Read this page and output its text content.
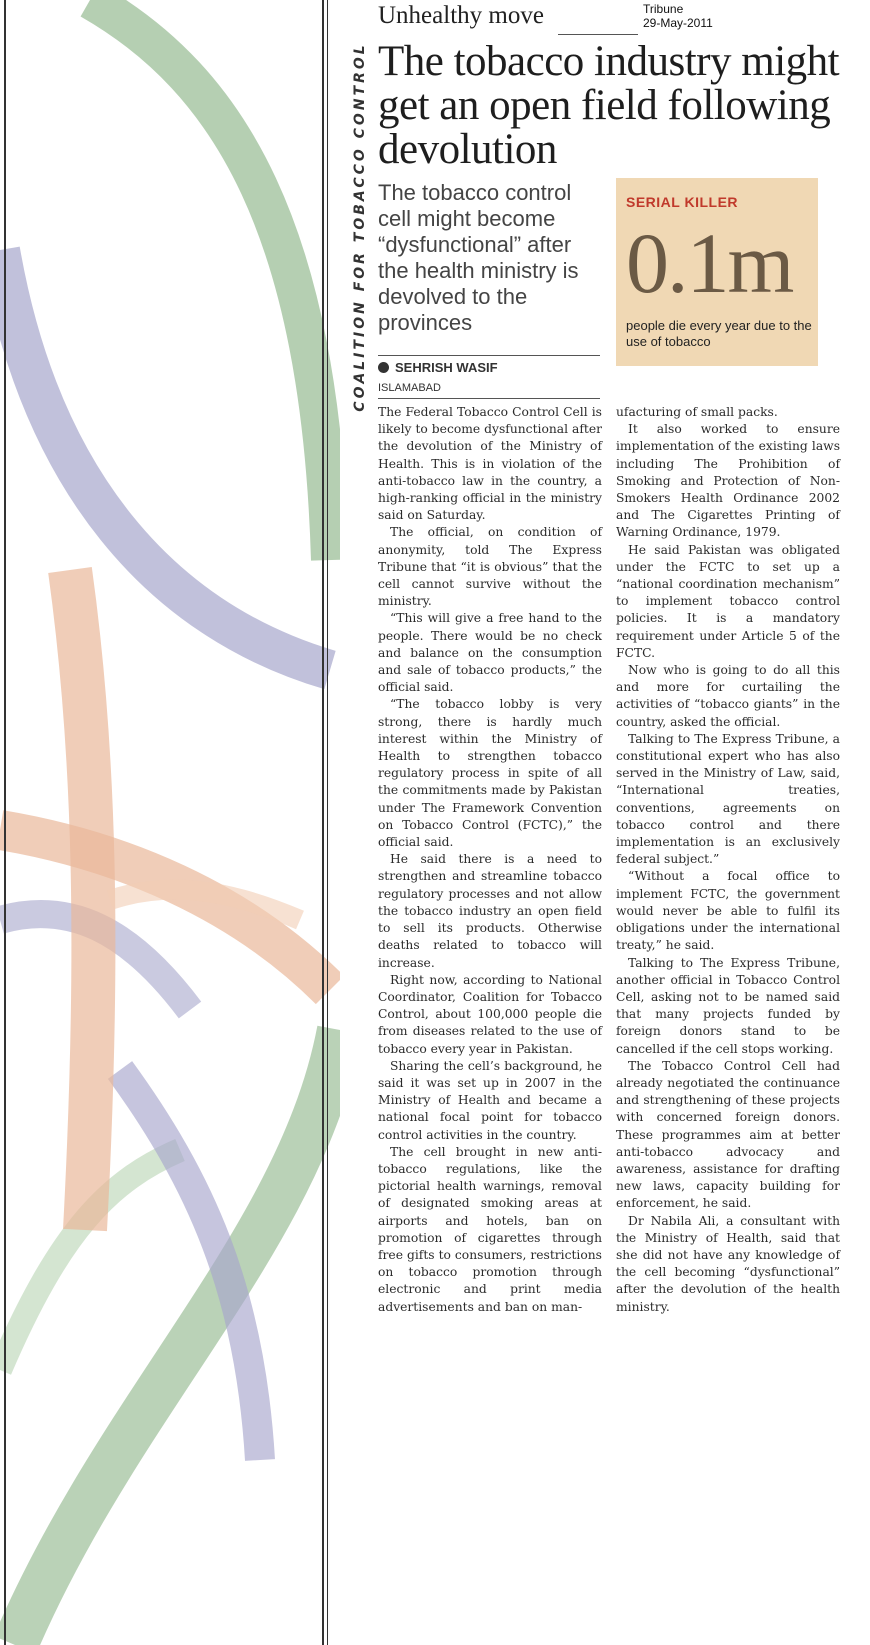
COALITION FOR TOBACCO CONTROL
Tribune
29-May-2011
Unhealthy move
The tobacco industry might get an open field following devolution
The tobacco control cell might become “dysfunctional” after the health ministry is devolved to the provinces
SERIAL KILLER
0.1m
people die every year due to the use of tobacco
SEHRISH WASIF
ISLAMABAD

The Federal Tobacco Control Cell is likely to become dysfunctional after the devolution of the Ministry of Health. This is in violation of the anti-tobacco law in the country, a high-ranking official in the ministry said on Saturday.

The official, on condition of anonymity, told The Express Tribune that “it is obvious” that the cell cannot survive without the ministry.

“This will give a free hand to the people. There would be no check and balance on the consumption and sale of tobacco products,” the official said.

“The tobacco lobby is very strong, there is hardly much interest within the Ministry of Health to strengthen tobacco regulatory process in spite of all the commitments made by Pakistan under The Framework Convention on Tobacco Control (FCTC),” the official said.

He said there is a need to strengthen and streamline tobacco regulatory processes and not allow the tobacco industry an open field to sell its products. Otherwise deaths related to tobacco will increase.

Right now, according to National Coordinator, Coalition for Tobacco Control, about 100,000 people die from diseases related to the use of tobacco every year in Pakistan.

Sharing the cell’s background, he said it was set up in 2007 in the Ministry of Health and became a national focal point for tobacco control activities in the country.

The cell brought in new anti-tobacco regulations, like the pictorial health warnings, removal of designated smoking areas at airports and hotels, ban on promotion of cigarettes through free gifts to consumers, restrictions on tobacco promotion through electronic and print media advertisements and ban on man-

ufacturing of small packs.

It also worked to ensure implementation of the existing laws including The Prohibition of Smoking and Protection of Non-Smokers Health Ordinance 2002 and The Cigarettes Printing of Warning Ordinance, 1979.

He said Pakistan was obligated under the FCTC to set up a “national coordination mechanism” to implement tobacco control policies. It is a mandatory requirement under Article 5 of the FCTC.

Now who is going to do all this and more for curtailing the activities of “tobacco giants” in the country, asked the official.

Talking to The Express Tribune, a constitutional expert who has also served in the Ministry of Law, said, “International treaties, conventions, agreements on tobacco control and there implementation is an exclusively federal subject.”

“Without a focal office to implement FCTC, the government would never be able to fulfil its obligations under the international treaty,” he said.

Talking to The Express Tribune, another official in Tobacco Control Cell, asking not to be named said that many projects funded by foreign donors stand to be cancelled if the cell stops working.

The Tobacco Control Cell had already negotiated the continuance and strengthening of these projects with concerned foreign donors. These programmes aim at better anti-tobacco advocacy and awareness, assistance for drafting new laws, capacity building for enforcement, he said.

Dr Nabila Ali, a consultant with the Ministry of Health, said that she did not have any knowledge of the cell becoming “dysfunctional” after the devolution of the health ministry.
